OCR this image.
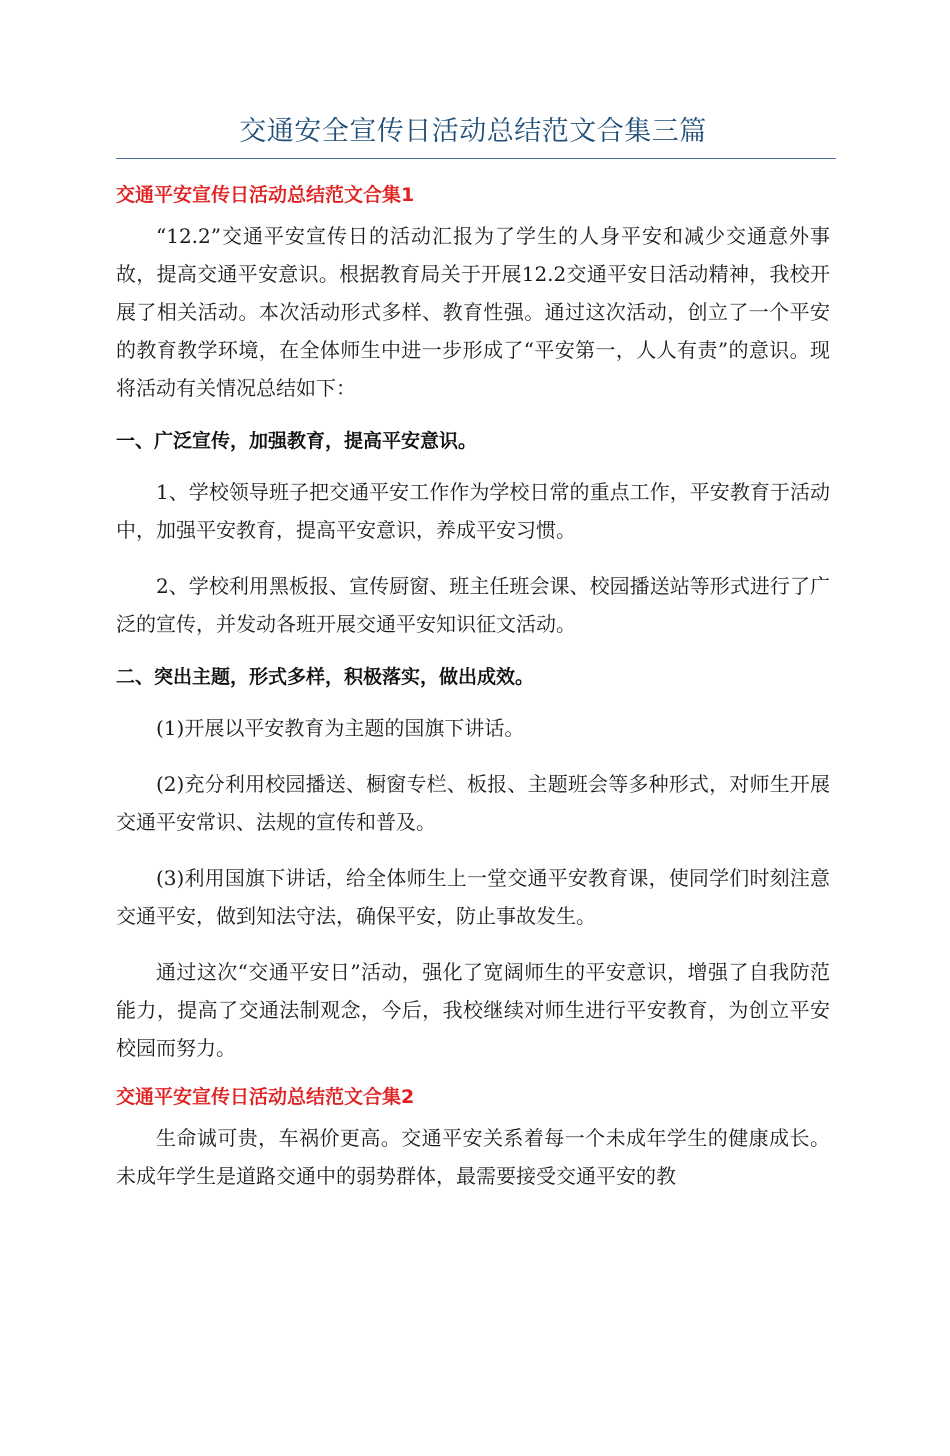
交通安全宣传日活动总结范文合集三篇
交通平安宣传日活动总结范文合集1

“12.2”交通平安宣传日的活动汇报为了学生的人身平安和减少交通意外事故，提高交通平安意识。根据教育局关于开展12.2交通平安日活动精神，我校开展了相关活动。本次活动形式多样、教育性强。通过这次活动，创立了一个平安的教育教学环境，在全体师生中进一步形成了“平安第一，人人有责”的意识。现将活动有关情况总结如下：

一、广泛宣传，加强教育，提高平安意识。

1、学校领导班子把交通平安工作作为学校日常的重点工作，平安教育于活动中，加强平安教育，提高平安意识，养成平安习惯。

2、学校利用黑板报、宣传厨窗、班主任班会课、校园播送站等形式进行了广泛的宣传，并发动各班开展交通平安知识征文活动。

二、突出主题，形式多样，积极落实，做出成效。

(1)开展以平安教育为主题的国旗下讲话。

(2)充分利用校园播送、橱窗专栏、板报、主题班会等多种形式，对师生开展交通平安常识、法规的宣传和普及。

(3)利用国旗下讲话，给全体师生上一堂交通平安教育课，使同学们时刻注意交通平安，做到知法守法，确保平安，防止事故发生。

通过这次“交通平安日”活动，强化了宽阔师生的平安意识，增强了自我防范能力，提高了交通法制观念，今后，我校继续对师生进行平安教育，为创立平安校园而努力。

交通平安宣传日活动总结范文合集2

生命诚可贵，车祸价更高。交通平安关系着每一个未成年学生的健康成长。未成年学生是道路交通中的弱势群体，最需要接受交通平安的教
